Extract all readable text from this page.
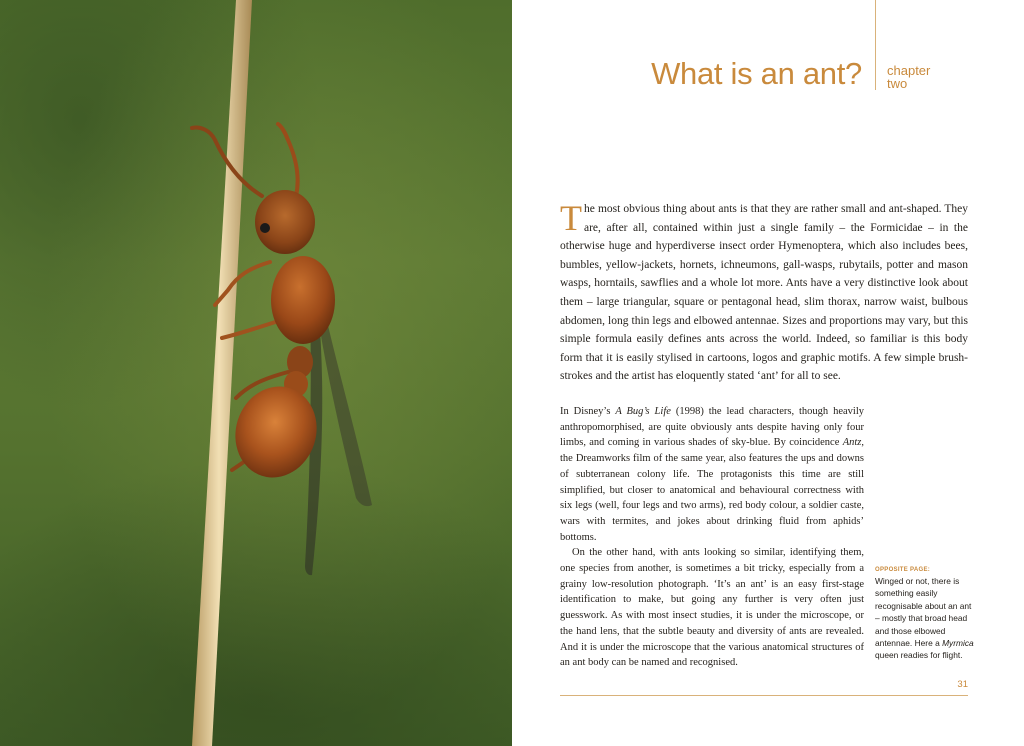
What is an ant? chapter
two

The most obvious thing about ants is that they are rather small and ant-shaped. They are, after all, contained within just a single family – the Formicidae – in the otherwise huge and hyperdiverse insect order Hymenoptera, which also includes bees, bumbles, yellow-jackets, hornets, ichneumons, gall-wasps, rubytails, potter and mason wasps, horntails, sawflies and a whole lot more. Ants have a very distinctive look about them – large triangular, square or pentagonal head, slim thorax, narrow waist, bulbous abdomen, long thin legs and elbowed antennae. Sizes and proportions may vary, but this simple formula easily defines ants across the world. Indeed, so familiar is this body form that it is easily stylised in cartoons, logos and graphic motifs. A few simple brush-strokes and the artist has eloquently stated ‘ant’ for all to see.

In Disney’s A Bug’s Life (1998) the lead characters, though heavily anthropomorphised, are quite obviously ants despite having only four limbs, and coming in various shades of sky-blue. By coincidence Antz, the Dreamworks film of the same year, also features the ups and downs of subterranean colony life. The protagonists this time are still simplified, but closer to anatomical and behavioural correctness with six legs (well, four legs and two arms), red body colour, a soldier caste, wars with termites, and jokes about drinking fluid from aphids’ bottoms.

On the other hand, with ants looking so similar, identifying them, one species from another, is sometimes a bit tricky, especially from a grainy low-resolution photograph. ‘It’s an ant’ is an easy first-stage identification to make, but going any further is very often just guesswork. As with most insect studies, it is under the microscope, or the hand lens, that the subtle beauty and diversity of ants are revealed. And it is under the microscope that the various anatomical structures of an ant body can be named and recognised.

OPPOSITE PAGE:
Winged or not, there is something easily recognisable about an ant – mostly that broad head and those elbowed antennae. Here a Myrmica queen readies for flight.
31
